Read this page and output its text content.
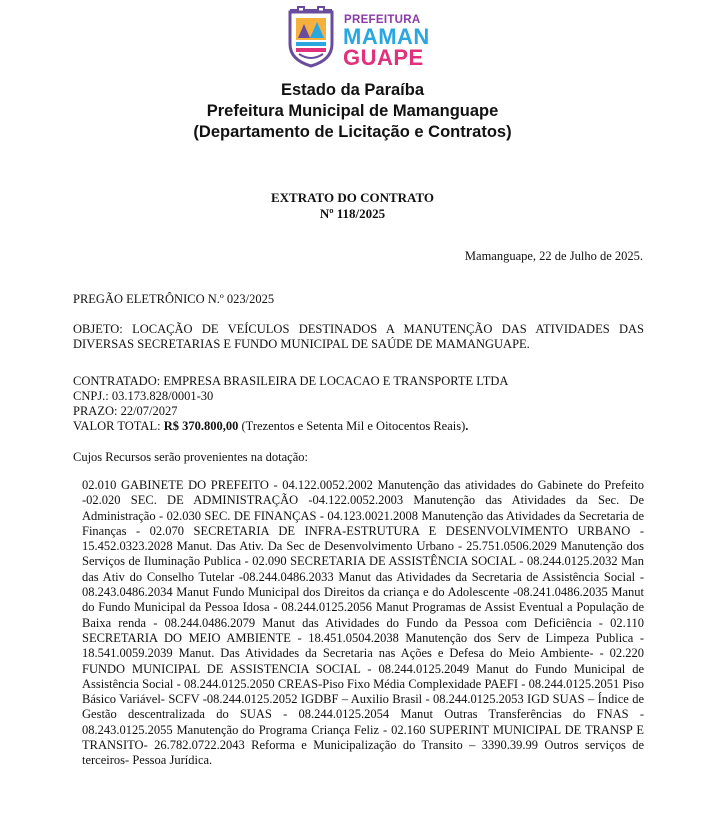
PREFEITURA
MAMAN
GUAPE
Estado da Paraíba
Prefeitura Municipal de Mamanguape
(Departamento de Licitação e Contratos)
EXTRATO DO CONTRATO
Nº 118/2025
Mamanguape, 22 de Julho de 2025.
PREGÃO ELETRÔNICO N.º 023/2025
OBJETO: LOCAÇÃO DE VEÍCULOS DESTINADOS A MANUTENÇÃO DAS ATIVIDADES DAS DIVERSAS SECRETARIAS E FUNDO MUNICIPAL DE SAÚDE DE MAMANGUAPE.
CONTRATADO: EMPRESA BRASILEIRA DE LOCACAO E TRANSPORTE LTDA
CNPJ.: 03.173.828/0001-30
PRAZO: 22/07/2027
VALOR TOTAL: R$ 370.800,00 (Trezentos e Setenta Mil e Oitocentos Reais).
Cujos Recursos serão provenientes na dotação:
02.010 GABINETE DO PREFEITO - 04.122.0052.2002 Manutenção das atividades do Gabinete do Prefeito -02.020 SEC. DE ADMINISTRAÇÃO -04.122.0052.2003 Manutenção das Atividades da Sec. De Administração - 02.030 SEC. DE FINANÇAS - 04.123.0021.2008 Manutenção das Atividades da Secretaria de Finanças - 02.070 SECRETARIA DE INFRA-ESTRUTURA E DESENVOLVIMENTO URBANO - 15.452.0323.2028 Manut. Das Ativ. Da Sec de Desenvolvimento Urbano - 25.751.0506.2029 Manutenção dos Serviços de Iluminação Publica - 02.090 SECRETARIA DE ASSISTÊNCIA SOCIAL - 08.244.0125.2032 Man das Ativ do Conselho Tutelar -08.244.0486.2033 Manut das Atividades da Secretaria de Assistência Social - 08.243.0486.2034 Manut Fundo Municipal dos Direitos da criança e do Adolescente -08.241.0486.2035 Manut do Fundo Municipal da Pessoa Idosa - 08.244.0125.2056 Manut Programas de Assist Eventual a População de Baixa renda - 08.244.0486.2079 Manut das Atividades do Fundo da Pessoa com Deficiência - 02.110 SECRETARIA DO MEIO AMBIENTE - 18.451.0504.2038 Manutenção dos Serv de Limpeza Publica - 18.541.0059.2039 Manut. Das Atividades da Secretaria nas Ações e Defesa do Meio Ambiente- - 02.220 FUNDO MUNICIPAL DE ASSISTENCIA SOCIAL - 08.244.0125.2049 Manut do Fundo Municipal de Assistência Social - 08.244.0125.2050 CREAS-Piso Fixo Média Complexidade PAEFI - 08.244.0125.2051 Piso Básico Variável- SCFV -08.244.0125.2052 IGDBF – Auxilio Brasil - 08.244.0125.2053 IGD SUAS – Índice de Gestão descentralizada do SUAS - 08.244.0125.2054 Manut Outras Transferências do FNAS - 08.243.0125.2055 Manutenção do Programa Criança Feliz - 02.160 SUPERINT MUNICIPAL DE TRANSP E TRANSITO- 26.782.0722.2043 Reforma e Municipalização do Transito – 3390.39.99 Outros serviços de terceiros- Pessoa Jurídica.
